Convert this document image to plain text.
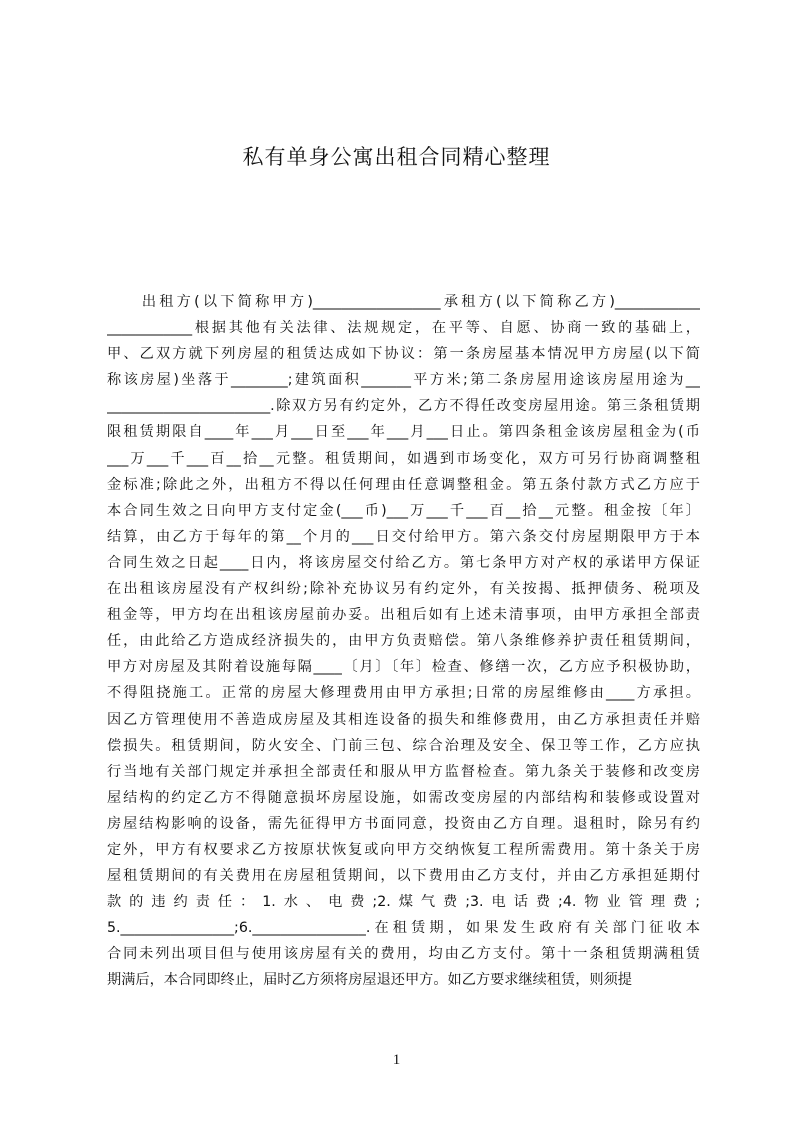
私有单身公寓出租合同精心整理
　　出租方(以下简称甲方)__________________承租方(以下简称乙方)____________
____________根据其他有关法律、法规规定，在平等、自愿、协商一致的基础上，
甲、乙双方就下列房屋的租赁达成如下协议：第一条房屋基本情况甲方房屋(以下简
称该房屋)坐落于________;建筑面积_______平方米;第二条房屋用途该房屋用途为__
_______________________.除双方另有约定外，乙方不得任改变房屋用途。第三条租赁期
限租赁期限自____年___月___日至___年___月___日止。第四条租金该房屋租金为(币
___万___千___百__拾__元整。租赁期间，如遇到市场变化，双方可另行协商调整租
金标准;除此之外，出租方不得以任何理由任意调整租金。第五条付款方式乙方应于
本合同生效之日向甲方支付定金(___币)___万___千___百__拾__元整。租金按〔年〕
结算，由乙方于每年的第__个月的___日交付给甲方。第六条交付房屋期限甲方于本
合同生效之日起____日内，将该房屋交付给乙方。第七条甲方对产权的承诺甲方保证
在出租该房屋没有产权纠纷;除补充协议另有约定外，有关按揭、抵押债务、税项及
租金等，甲方均在出租该房屋前办妥。出租后如有上述未清事项，由甲方承担全部责
任，由此给乙方造成经济损失的，由甲方负责赔偿。第八条维修养护责任租赁期间，
甲方对房屋及其附着设施每隔____〔月〕〔年〕检查、修缮一次，乙方应予积极协助，
不得阻挠施工。正常的房屋大修理费用由甲方承担;日常的房屋维修由____方承担。
因乙方管理使用不善造成房屋及其相连设备的损失和维修费用，由乙方承担责任并赔
偿损失。租赁期间，防火安全、门前三包、综合治理及安全、保卫等工作，乙方应执
行当地有关部门规定并承担全部责任和服从甲方监督检查。第九条关于装修和改变房
屋结构的约定乙方不得随意损坏房屋设施，如需改变房屋的内部结构和装修或设置对
房屋结构影响的设备，需先征得甲方书面同意，投资由乙方自理。退租时，除另有约
定外，甲方有权要求乙方按原状恢复或向甲方交纳恢复工程所需费用。第十条关于房
屋租赁期间的有关费用在房屋租赁期间，以下费用由乙方支付，并由乙方承担延期付
款的违约责任：1.水、电费;2.煤气费;3.电话费;4.物业管理费;
5.________________;6.________________.在租赁期，如果发生政府有关部门征收本
合同未列出项目但与使用该房屋有关的费用，均由乙方支付。第十一条租赁期满租赁
期满后，本合同即终止，届时乙方须将房屋退还甲方。如乙方要求继续租赁，则须提
1
